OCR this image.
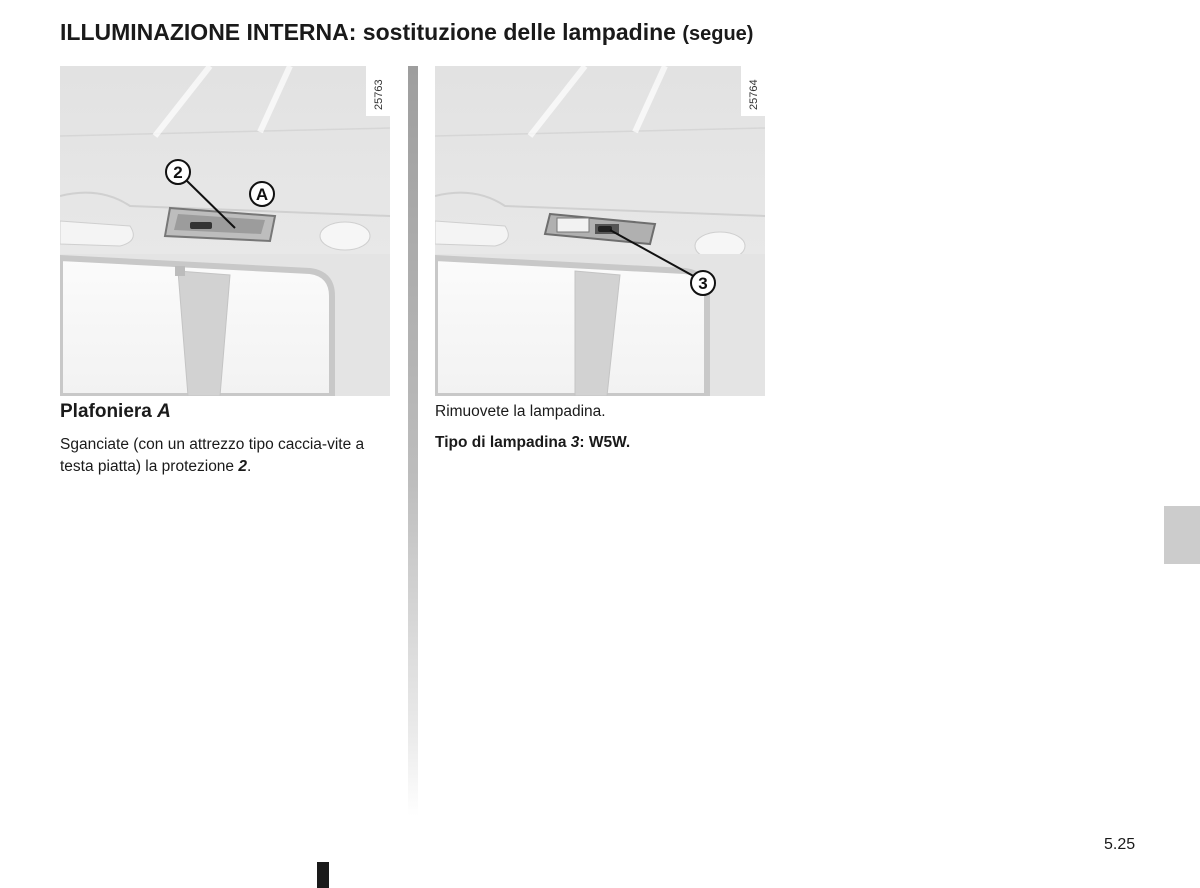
ILLUMINAZIONE INTERNA: sostituzione delle lampadine (segue)
2
A
25763
3
25764
Plafoniera A

Sganciate (con un attrezzo tipo caccia-vite a testa piatta) la protezione 2.

Rimuovete la lampadina.

Tipo di lampadina 3: W5W.

5.25
